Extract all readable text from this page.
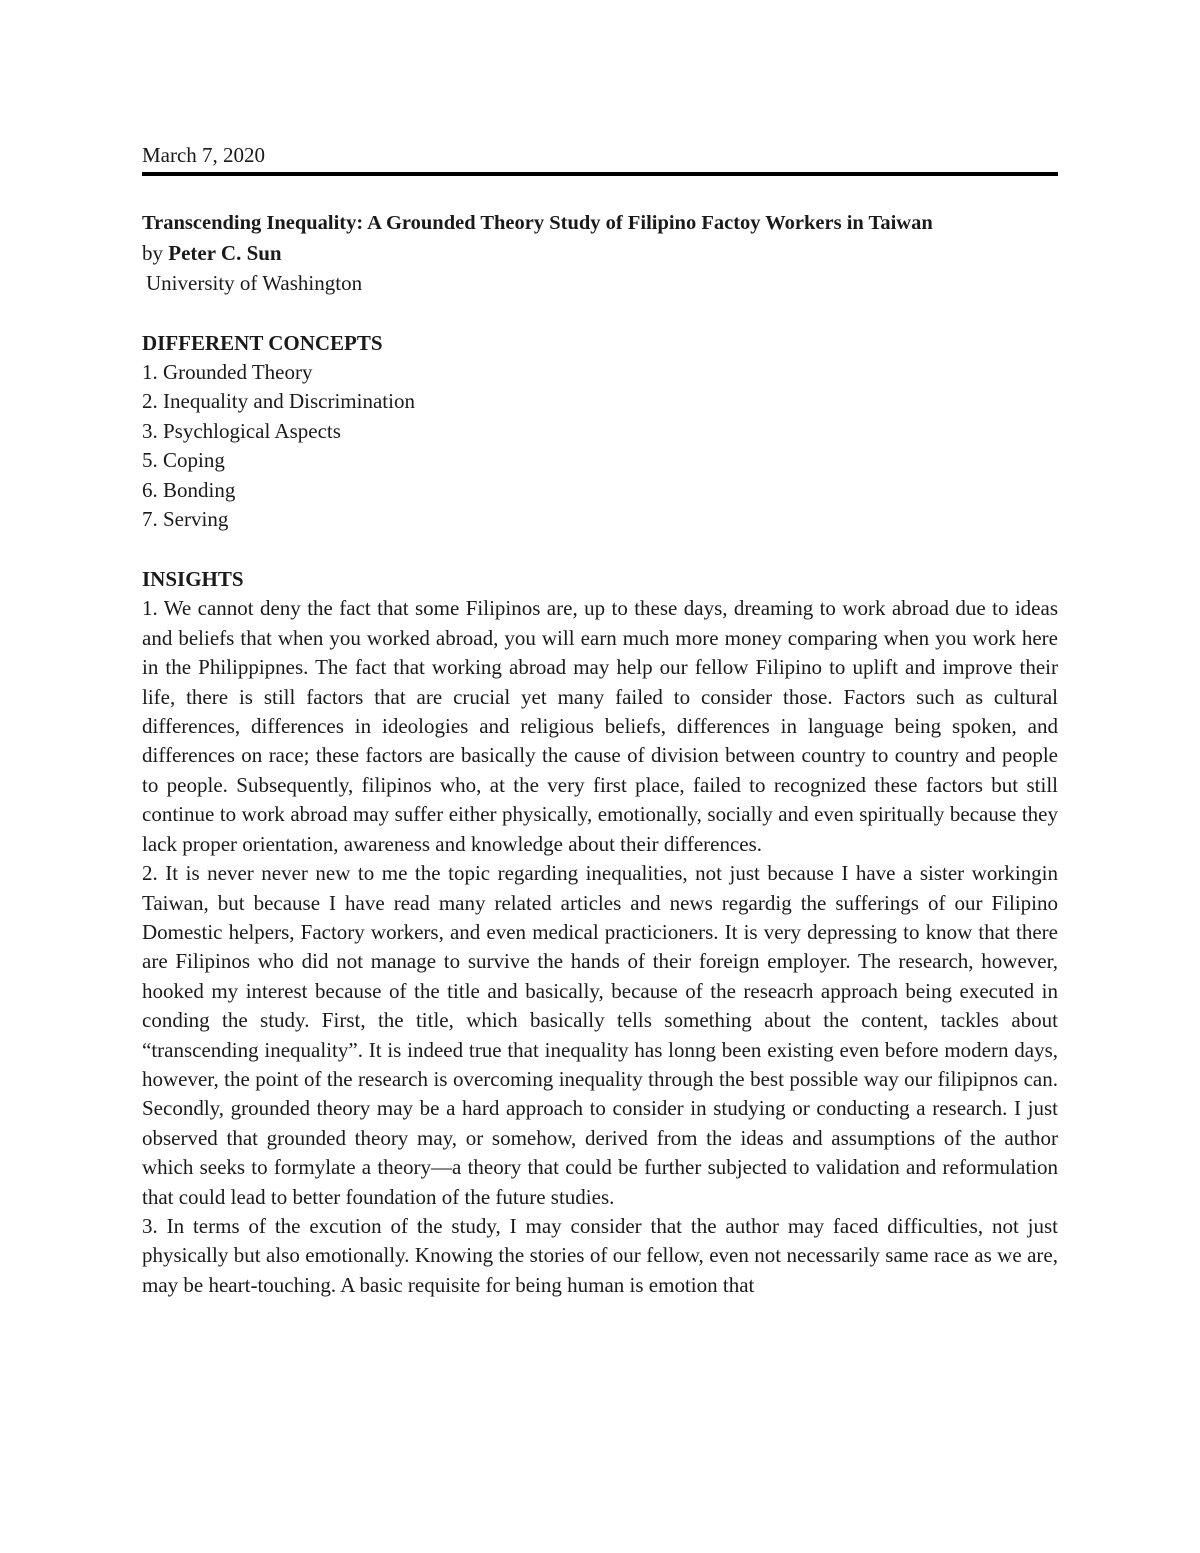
March 7, 2020

Transcending Inequality: A Grounded Theory Study of Filipino Factoy Workers in Taiwan

by Peter C. Sun

University of Washington

DIFFERENT CONCEPTS

1. Grounded Theory
2. Inequality and Discrimination
3. Psychlogical Aspects
5. Coping
6. Bonding
7. Serving

INSIGHTS

1. We cannot deny the fact that some Filipinos are, up to these days, dreaming to work abroad due to ideas and beliefs that when you worked abroad, you will earn much more money comparing when you work here in the Philippipnes. The fact that working abroad may help our fellow Filipino to uplift and improve their life, there is still factors that are crucial yet many failed to consider those. Factors such as cultural differences, differences in ideologies and religious beliefs, differences in language being spoken, and differences on race; these factors are basically the cause of division between country to country and people to people. Subsequently, filipinos who, at the very first place, failed to recognized these factors but still continue to work abroad may suffer either physically, emotionally, socially and even spiritually because they lack proper orientation, awareness and knowledge about their differences.

2. It is never never new to me the topic regarding inequalities, not just because I have a sister workingin Taiwan, but because I have read many related articles and news regardig the sufferings of our Filipino Domestic helpers, Factory workers, and even medical practicioners. It is very depressing to know that there are Filipinos who did not manage to survive the hands of their foreign employer. The research, however, hooked my interest because of the title and basically, because of the reseacrh approach being executed in conding the study. First, the title, which basically tells something about the content, tackles about “transcending inequality”. It is indeed true that inequality has lonng been existing even before modern days, however, the point of the research is overcoming inequality through the best possible way our filipipnos can. Secondly, grounded theory may be a hard approach to consider in studying or conducting a research. I just observed that grounded theory may, or somehow, derived from the ideas and assumptions of the author which seeks to formylate a theory—a theory that could be further subjected to validation and reformulation that could lead to better foundation of the future studies.

3. In terms of the excution of the study, I may consider that the author may faced difficulties, not just physically but also emotionally. Knowing the stories of our fellow, even not necessarily same race as we are, may be heart-touching. A basic requisite for being human is emotion that
